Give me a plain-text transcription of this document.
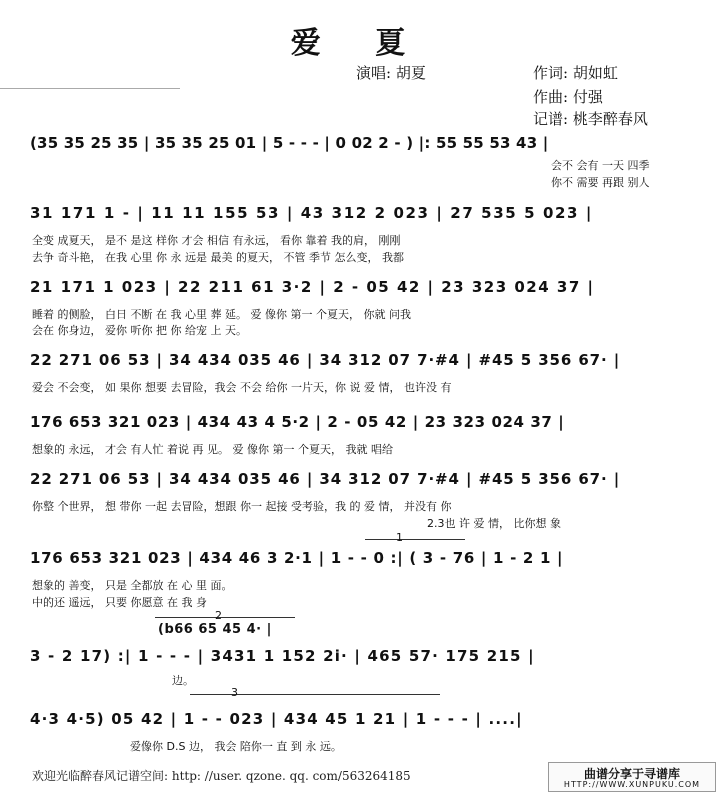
爱 夏
演唱: 胡夏	作词: 胡如虹
作曲: 付强
记谱: 桃李醉春风
(35 35 25 35 | 35 35 25 01 | 5 - - - | 0 02 2 - ) |: 55 55 53 43 |
会不 会有 一天 四季
你不 需要 再跟 别人
31 171 1 - | 11 11 155 53 | 43 312 2 023 | 27 535 5 023 |
全变 成夏天， 是不 是这 样你 才会 相信 有永远， 看你 靠着 我的肩， 刚刚
去争 奇斗艳， 在我 心里 你 永 远是 最美 的夏天， 不管 季节 怎么变， 我都
21 171 1 023 | 22 211 61 3·2 | 2 - 05 42 | 23 323 024 37 |
睡着 的侧脸， 白日 不断 在 我 心里 葬 延。 爱 像你 第一 个夏天， 你就 问我
会在 你身边， 爱你 听你 把 你 给宠 上 天。
22 271 06 53 | 34 434 035 46 | 34 312 07 7·#4 | #45 5 356 67· |
爱会 不会变， 如 果你 想要 去冒险，我会 不会 给你 一片天，你 说 爱 情， 也许没 有
176 653 321 023 | 434 43 4 5·2 | 2 - 05 42 | 23 323 024 37 |
想象的 永远， 才会 有人忙 着说 再 见。 爱 像你 第一 个夏天， 我就 唱给
22 271 06 53 | 34 434 035 46 | 34 312 07 7·#4 | #45 5 356 67· |
你整 个世界， 想 带你 一起 去冒险，想跟 你一 起接 受考验，我 的 爱 情， 并没有 你
2.3也 许 爱 情， 比你想 象
1
176 653 321 023 | 434 46 3 2·1 | 1 - - 0 :| ( 3 - 76 | 1 - 2 1 |
想象的 善变， 只是 全都放 在 心 里 面。
中的还 遥远， 只要 你愿意 在 我 身
2
(b66 65 45 4· |
3 - 2 17) :| 1 - - - | 3431 1 152 2i· | 465 57· 175 215 |
边。
3
4·3 4·5) 05 42 | 1 - - 023 | 434 45 1 21 | 1 - - - | ....|
爱像你 D.S 边， 我会 陪你一 直 到 永 远。
欢迎光临醉春风记谱空间: http: //user. qzone. qq. com/563264185	曲谱分享于寻谱库
HTTP://WWW.XUNPUKU.COM
